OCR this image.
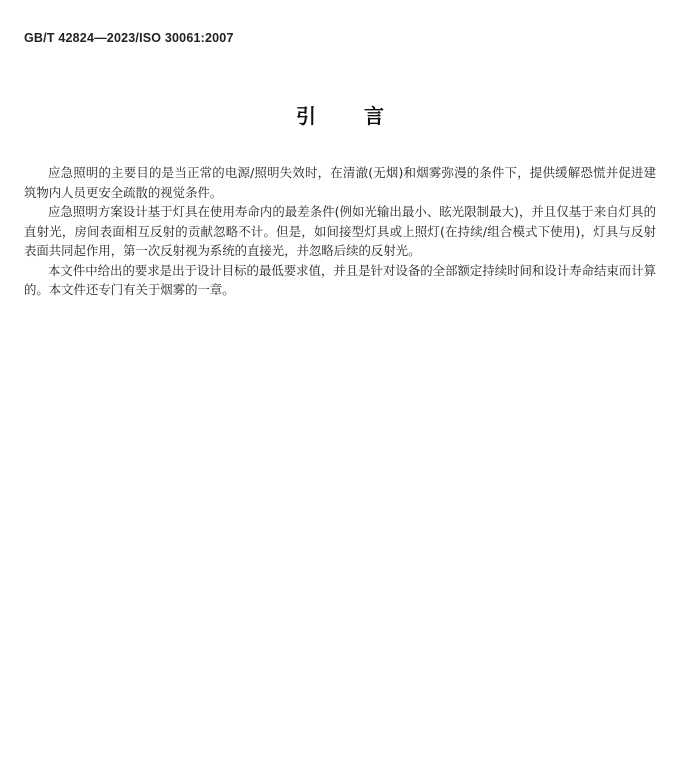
GB/T 42824—2023/ISO 30061:2007
引 言

应急照明的主要目的是当正常的电源/照明失效时，在清澈(无烟)和烟雾弥漫的条件下，提供缓解恐慌并促进建筑物内人员更安全疏散的视觉条件。

应急照明方案设计基于灯具在使用寿命内的最差条件(例如光输出最小、眩光限制最大)，并且仅基于来自灯具的直射光，房间表面相互反射的贡献忽略不计。但是，如间接型灯具或上照灯(在持续/组合模式下使用)，灯具与反射表面共同起作用，第一次反射视为系统的直接光，并忽略后续的反射光。

本文件中给出的要求是出于设计目标的最低要求值，并且是针对设备的全部额定持续时间和设计寿命结束而计算的。本文件还专门有关于烟雾的一章。
